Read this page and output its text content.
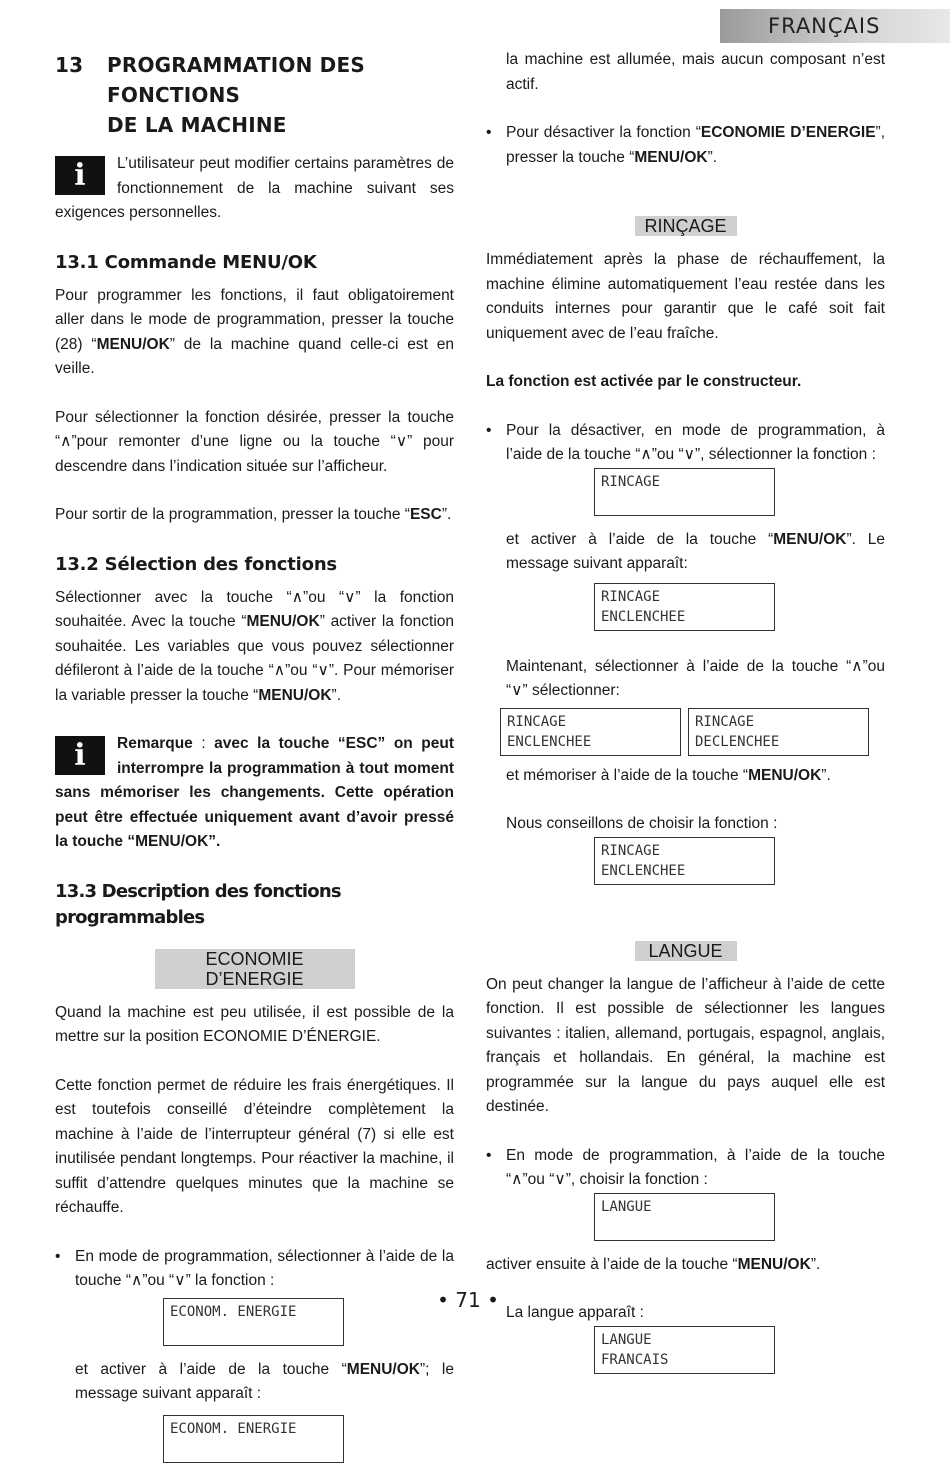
FRANÇAIS
13	PROGRAMMATION DES FONCTIONS
DE LA MACHINE
i	L’utilisateur peut modifier certains paramètres de fonctionnement de la machine suivant ses exigences personnelles.
13.1 Commande MENU/OK

Pour programmer les fonctions, il faut obligatoirement aller dans le mode de programmation, presser la touche (28) “MENU/OK” de la machine quand celle-ci est en veille.

Pour sélectionner la fonction désirée, presser la touche “∧”pour remonter d’une ligne ou la touche “∨” pour descendre dans l’indication située sur l’afficheur.

Pour sortir de la programmation, presser la touche “ESC”.

13.2 Sélection des fonctions

Sélectionner avec la touche “∧”ou “∨” la fonction souhaitée. Avec la touche “MENU/OK” activer la fonction souhaitée. Les variables que vous pouvez sélectionner défileront à l’aide de la touche “∧”ou “∨”. Pour mémoriser la variable presser la touche “MENU/OK”.

i	Remarque : avec la touche “ESC” on peut interrompre la programmation à tout moment sans mémoriser les changements. Cette opération peut être effectuée uniquement avant d’avoir pressé la touche “MENU/OK”.
13.3 Description des fonctions programmables
ECONOMIE D’ENERGIE

Quand la machine est peu utilisée, il est possible de la mettre sur la position ECONOMIE D’ÉNERGIE.

Cette fonction permet de réduire les frais énergétiques. Il est toutefois conseillé d’éteindre complètement la machine à l’aide de l’interrupteur général (7) si elle est inutilisée pendant longtemps. Pour réactiver la machine, il suffit d’attendre quelques minutes que la machine se réchauffe.

• En mode de programmation, sélectionner à l’aide de la touche “∧”ou “∨” la fonction :
ECONOM. ENERGIE

et activer à l’aide de la touche “MENU/OK”; le message suivant apparaît :

ECONOM. ENERGIE

la machine est allumée, mais aucun composant n’est actif.

• Pour désactiver la fonction “ECONOMIE D’ENERGIE”, presser la touche “MENU/OK”.
RINÇAGE

Immédiatement après la phase de réchauffement, la machine élimine automatiquement l’eau restée dans les conduits internes pour garantir que le café soit fait uniquement avec de l’eau fraîche.

La fonction est activée par le constructeur.

• Pour la désactiver, en mode de programmation, à l’aide de la touche “∧”ou “∨”, sélectionner la fonction :
RINCAGE

et activer à l’aide de la touche “MENU/OK”. Le message suivant apparaît:

RINCAGE
ENCLENCHEE

Maintenant, sélectionner à l’aide de la touche “∧”ou “∨” sélectionner:

RINCAGE
ENCLENCHEE
RINCAGE
DECLENCHEE

et mémoriser à l’aide de la touche “MENU/OK”.

Nous conseillons de choisir la fonction :

RINCAGE
ENCLENCHEE
LANGUE

On peut changer la langue de l’afficheur à l’aide de cette fonction. Il est possible de sélectionner les langues suivantes : italien, allemand, portugais, espagnol, anglais, français et hollandais. En général, la machine est programmée sur la langue du pays auquel elle est destinée.

• En mode de programmation, à l’aide de la touche “∧”ou “∨”, choisir la fonction :
LANGUE

activer ensuite à l’aide de la touche “MENU/OK”.

La langue apparaît :

LANGUE
FRANCAIS
• 71 •
